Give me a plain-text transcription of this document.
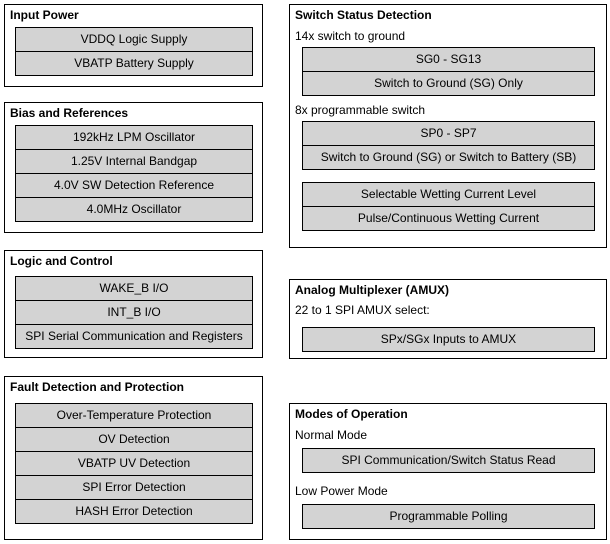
Input Power
VDDQ Logic Supply
VBATP Battery Supply
Bias and References
192kHz LPM Oscillator
1.25V Internal Bandgap
4.0V SW Detection Reference
4.0MHz Oscillator
Logic and Control
WAKE_B I/O
INT_B I/O
SPI Serial Communication and Registers
Fault Detection and Protection
Over-Temperature Protection
OV Detection
VBATP UV Detection
SPI Error Detection
HASH Error Detection
Switch Status Detection
14x switch to ground
SG0 - SG13
Switch to Ground (SG) Only
8x programmable switch
SP0 - SP7
Switch to Ground (SG) or Switch to Battery (SB)
Selectable Wetting Current Level
Pulse/Continuous Wetting Current
Analog Multiplexer (AMUX)
22 to 1 SPI AMUX select:
SPx/SGx Inputs to AMUX
Modes of Operation
Normal Mode
SPI Communication/Switch Status Read
Low Power Mode
Programmable Polling
